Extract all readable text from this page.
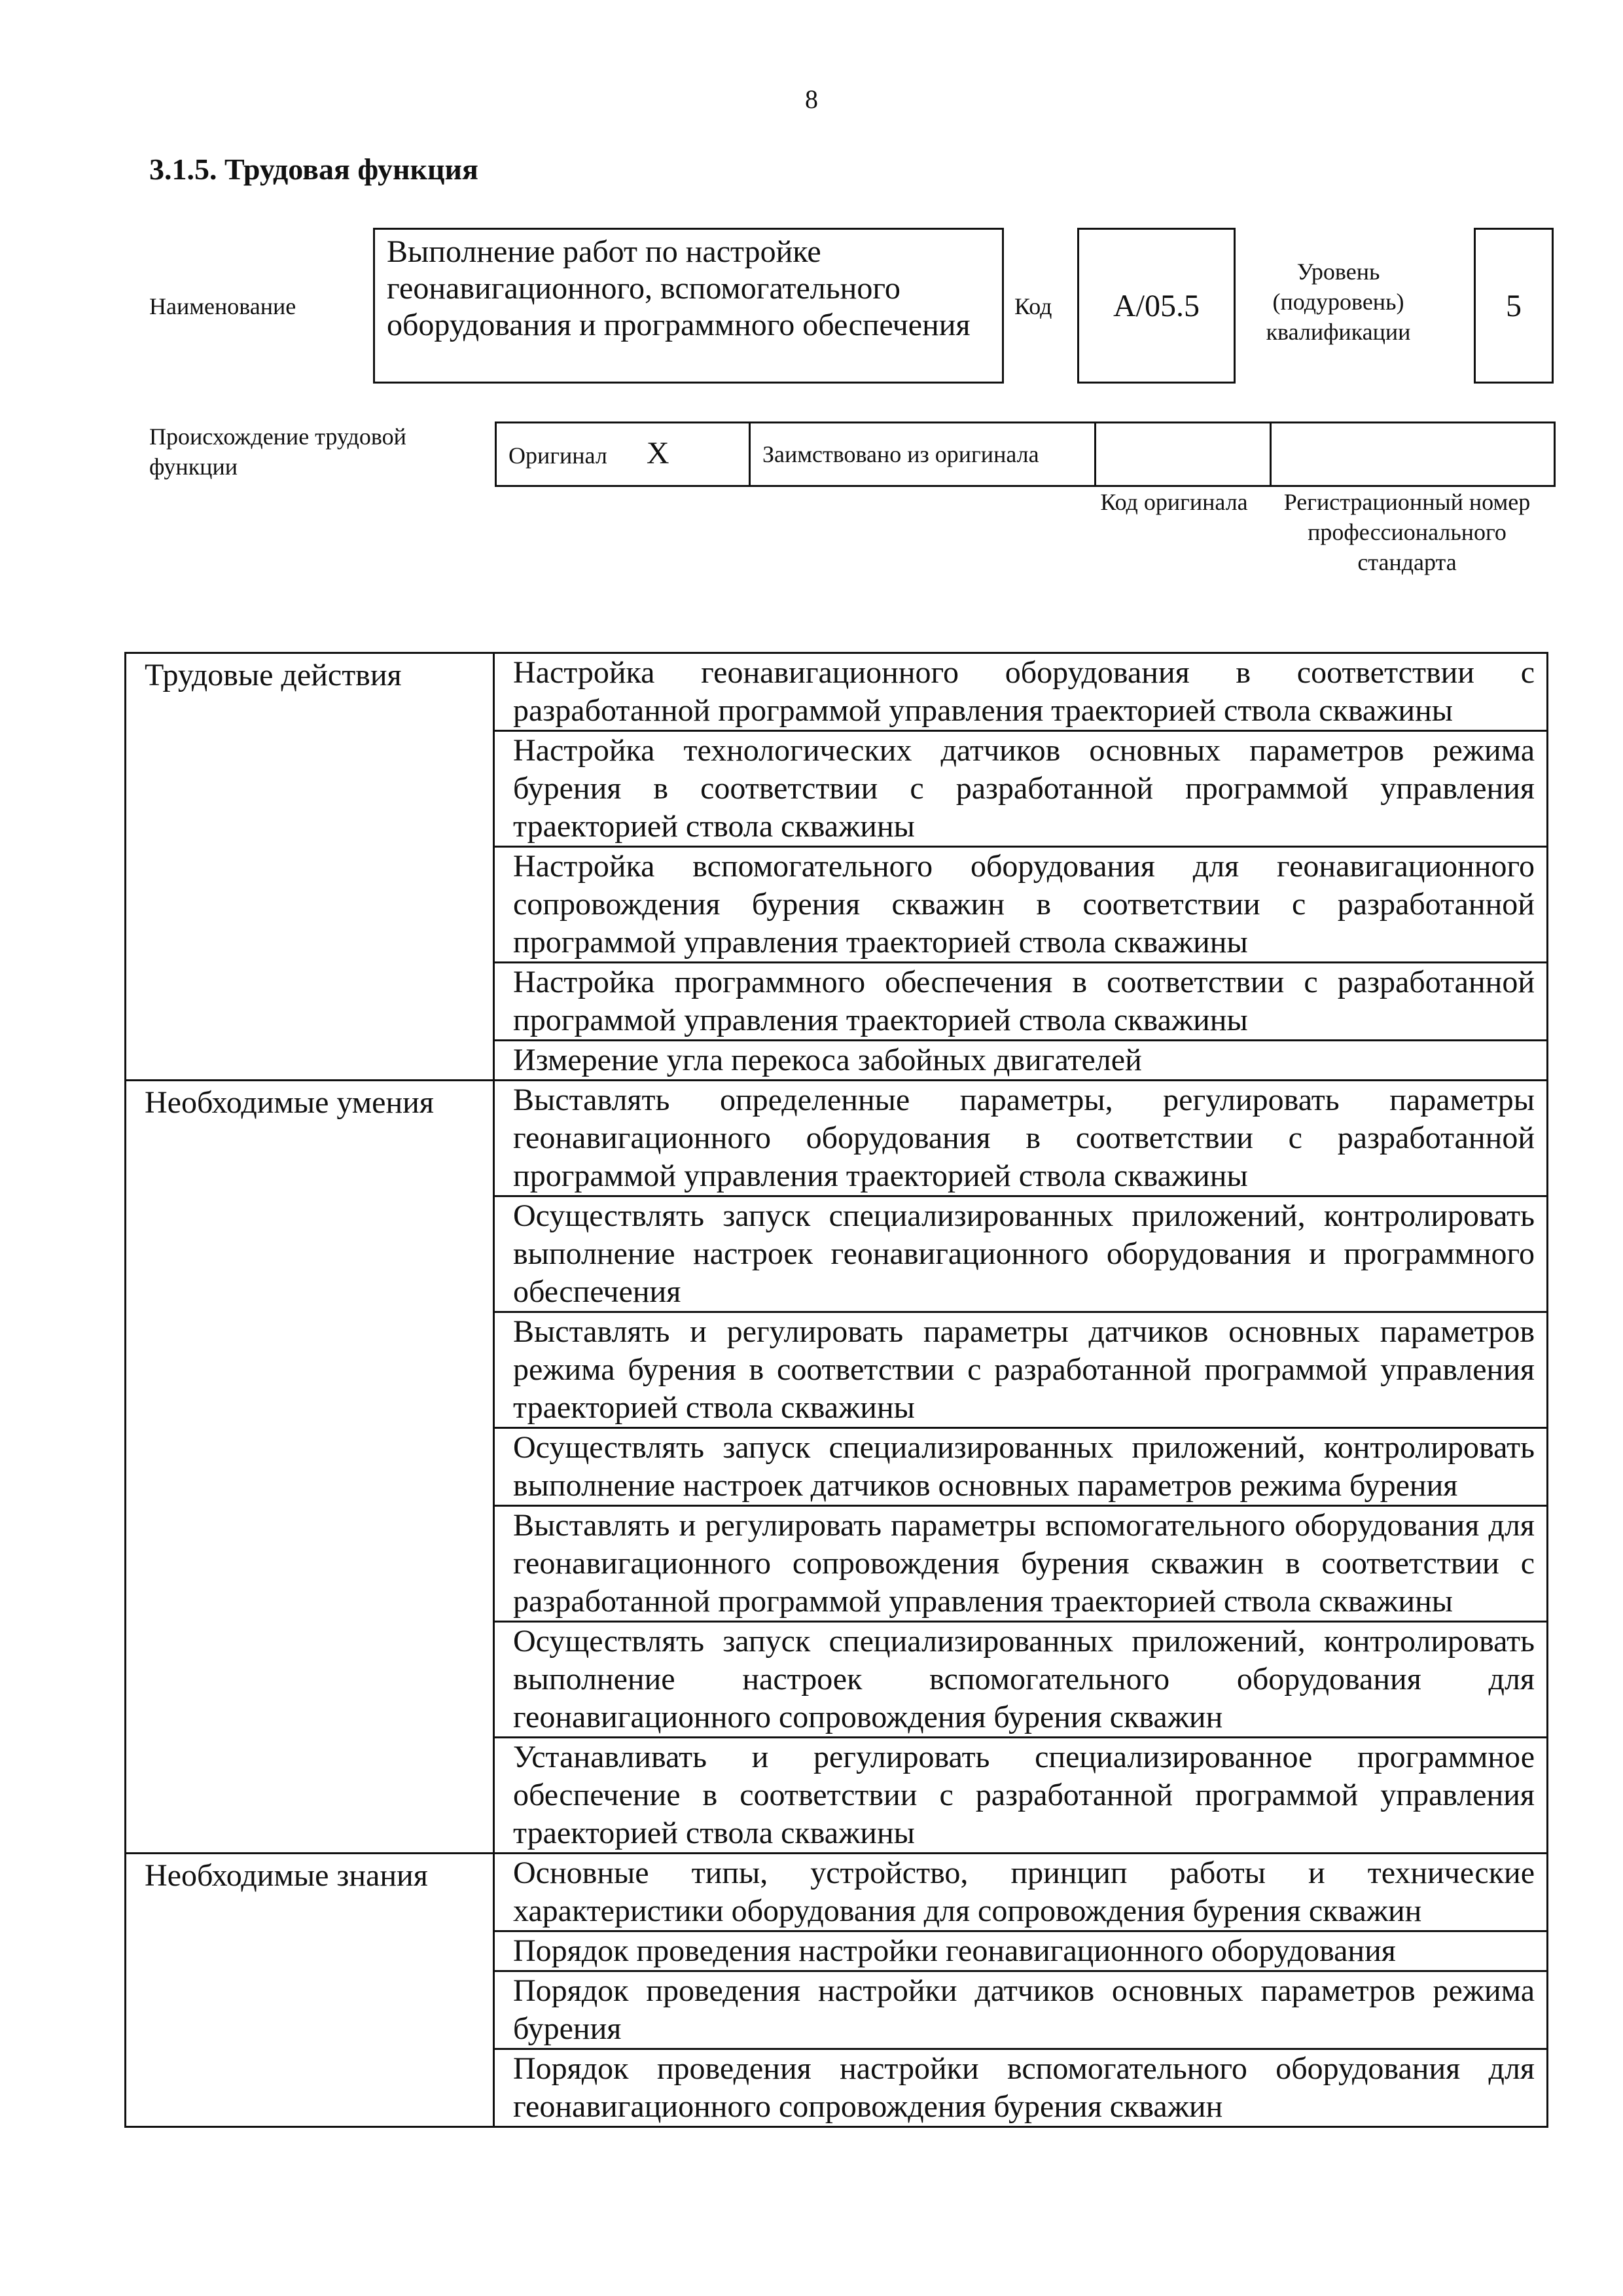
8
3.1.5. Трудовая функция
Наименование
Выполнение работ по настройке геонавигационного, вспомогательного оборудования и программного обеспечения
Код А/05.5
Уровень (подуровень) квалификации
5
Происхождение трудовой функции	Оригинал X	Заимствовано из оригинала		
Код оригинала	Регистрационный номер профессионального стандарта
Трудовые действия	Настройка геонавигационного оборудования в соответствии с разработанной программой управления траекторией ствола скважины
	Настройка технологических датчиков основных параметров режима бурения в соответствии с разработанной программой управления траекторией ствола скважины
	Настройка вспомогательного оборудования для геонавигационного сопровождения бурения скважин в соответствии с разработанной программой управления траекторией ствола скважины
	Настройка программного обеспечения в соответствии с разработанной программой управления траекторией ствола скважины
	Измерение угла перекоса забойных двигателей
Необходимые умения	Выставлять определенные параметры, регулировать параметры геонавигационного оборудования в соответствии с разработанной программой управления траекторией ствола скважины
	Осуществлять запуск специализированных приложений, контролировать выполнение настроек геонавигационного оборудования и программного обеспечения
	Выставлять и регулировать параметры датчиков основных параметров режима бурения в соответствии с разработанной программой управления траекторией ствола скважины
	Осуществлять запуск специализированных приложений, контролировать выполнение настроек датчиков основных параметров режима бурения
	Выставлять и регулировать параметры вспомогательного оборудования для геонавигационного сопровождения бурения скважин в соответствии с разработанной программой управления траекторией ствола скважины
	Осуществлять запуск специализированных приложений, контролировать выполнение настроек вспомогательного оборудования для геонавигационного сопровождения бурения скважин
	Устанавливать и регулировать специализированное программное обеспечение в соответствии с разработанной программой управления траекторией ствола скважины
Необходимые знания	Основные типы, устройство, принцип работы и технические характеристики оборудования для сопровождения бурения скважин
	Порядок проведения настройки геонавигационного оборудования
	Порядок проведения настройки датчиков основных параметров режима бурения
	Порядок проведения настройки вспомогательного оборудования для геонавигационного сопровождения бурения скважин
